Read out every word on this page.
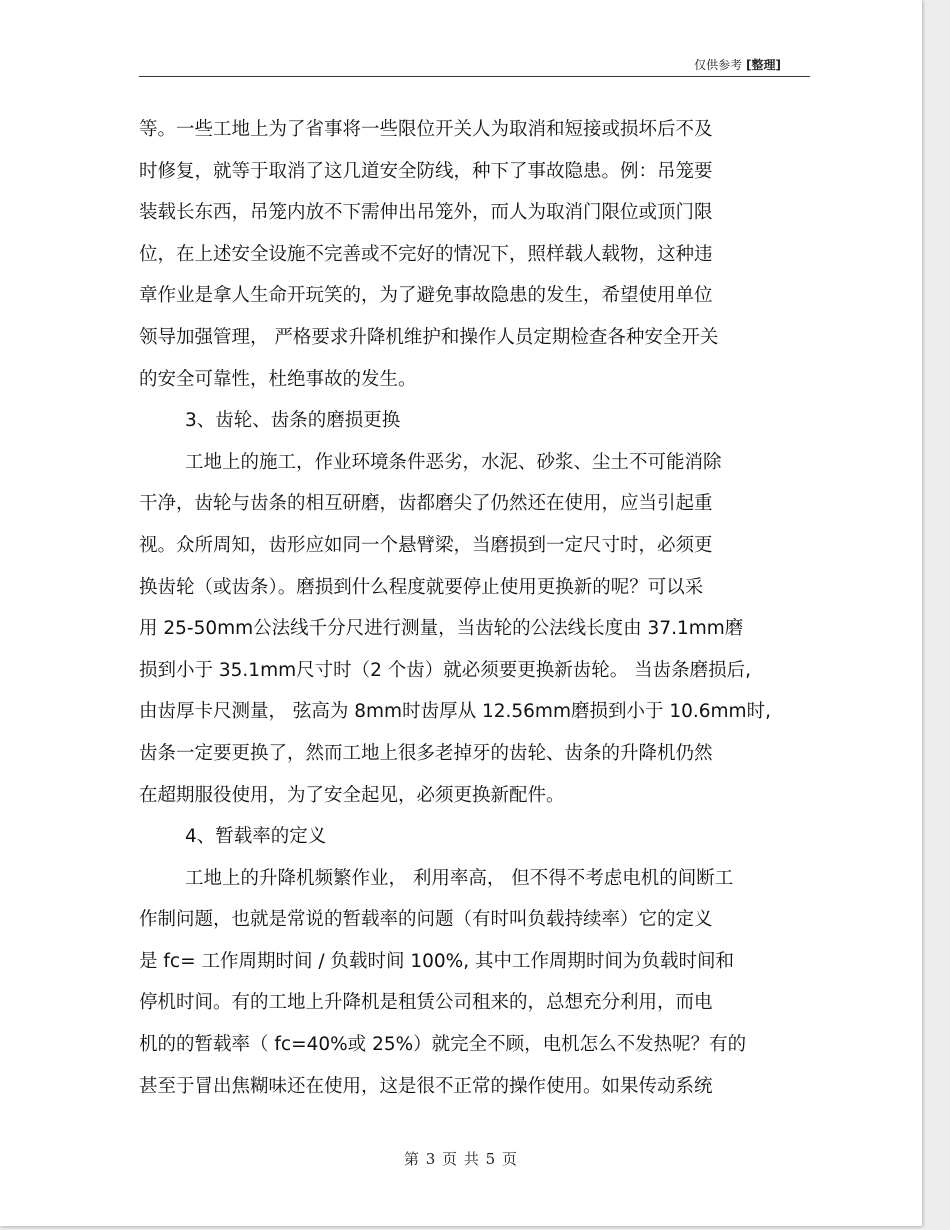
仅供参考 [整理]
等。一些工地上为了省事将一些限位开关人为取消和短接或损坏后不及
时修复，就等于取消了这几道安全防线，种下了事故隐患。例：吊笼要
装载长东西，吊笼内放不下需伸出吊笼外，而人为取消门限位或顶门限
位，在上述安全设施不完善或不完好的情况下，照样载人载物，这种违
章作业是拿人生命开玩笑的，为了避免事故隐患的发生，希望使用单位
领导加强管理， 严格要求升降机维护和操作人员定期检查各种安全开关
的安全可靠性，杜绝事故的发生。
3、齿轮、齿条的磨损更换
工地上的施工，作业环境条件恶劣，水泥、砂浆、尘土不可能消除
干净，齿轮与齿条的相互研磨，齿都磨尖了仍然还在使用，应当引起重
视。众所周知，齿形应如同一个悬臂梁，当磨损到一定尺寸时，必须更
换齿轮（或齿条）。磨损到什么程度就要停止使用更换新的呢？可以采
用 25-50mm公法线千分尺进行测量，当齿轮的公法线长度由 37.1mm磨
损到小于 35.1mm尺寸时（2 个齿）就必须要更换新齿轮。 当齿条磨损后,
由齿厚卡尺测量， 弦高为 8mm时齿厚从 12.56mm磨损到小于 10.6mm时,
齿条一定要更换了，然而工地上很多老掉牙的齿轮、齿条的升降机仍然
在超期服役使用，为了安全起见，必须更换新配件。
4、暂载率的定义
工地上的升降机频繁作业， 利用率高， 但不得不考虑电机的间断工
作制问题，也就是常说的暂载率的问题（有时叫负载持续率）它的定义
是 fc= 工作周期时间 / 负载时间 100%, 其中工作周期时间为负载时间和
停机时间。有的工地上升降机是租赁公司租来的，总想充分利用，而电
机的的暂载率（ fc=40%或 25%）就完全不顾，电机怎么不发热呢？有的
甚至于冒出焦糊味还在使用，这是很不正常的操作使用。如果传动系统
第 3 页 共 5 页
